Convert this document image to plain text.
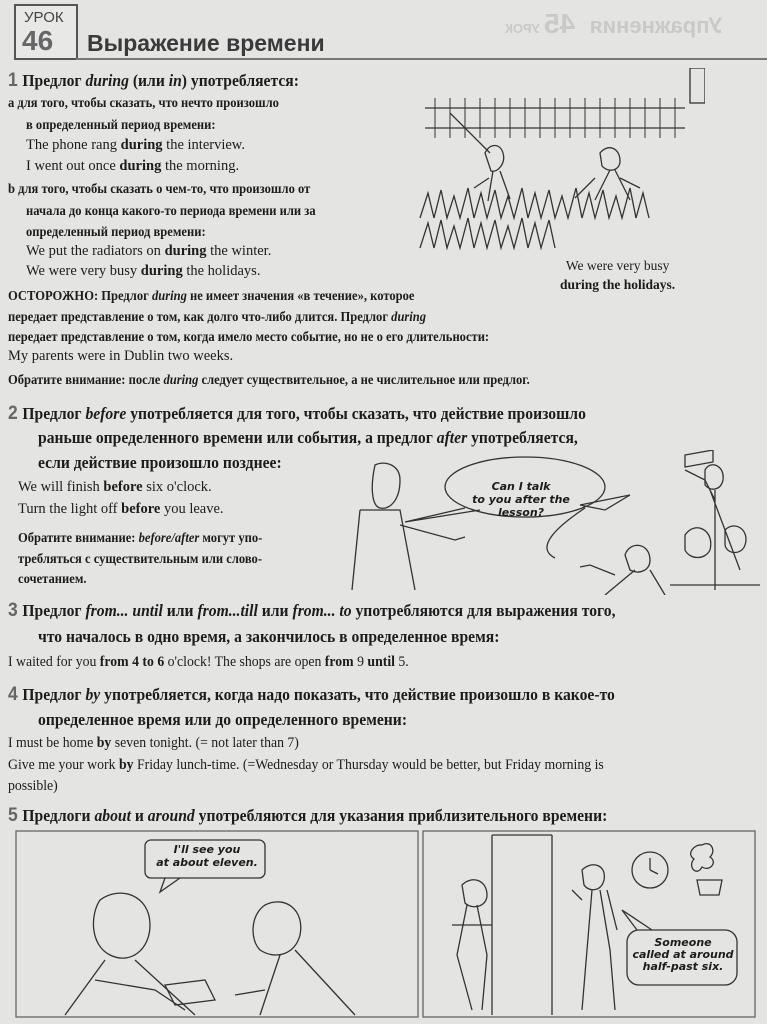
Упражнения 45 УРОК
УРОК
46 Выражение времени
1 Предлог during (или in) употребляется:
a для того, чтобы сказать, что нечто произошло
в определенный период времени:
The phone rang during the interview.
I went out once during the morning.
b для того, чтобы сказать о чем-то, что произошло от
начала до конца какого-то периода времени или за
определенный период времени:
We put the radiators on during the winter.
We were very busy during the holidays.	We were very busy
during the holidays.
ОСТОРОЖНО: Предлог during не имеет значения «в течение», которое
передает представление о том, как долго что-либо длится. Предлог during
передает представление о том, когда имело место событие, но не о его длительности:
My parents were in Dublin two weeks.
Обратите внимание: после during следует существительное, а не числительное или предлог.
2 Предлог before употребляется для того, чтобы сказать, что действие произошло
раньше определенного времени или события, а предлог after употребляется,
если действие произошло позднее:
We will finish before six o'clock.
Turn the light off before you leave.
Обратите внимание: before/after могут упо-
требляться с существительным или слово-
сочетанием.
Can I talk
to you after the
lesson?
3 Предлог from... until или from...till или from... to употребляются для выражения того,
что началось в одно время, а закончилось в определенное время:
I waited for you from 4 to 6 o'clock! The shops are open from 9 until 5.
4 Предлог by употребляется, когда надо показать, что действие произошло в какое-то
определенное время или до определенного времени:
I must be home by seven tonight. (= not later than 7)
Give me your work by Friday lunch-time. (=Wednesday or Thursday would be better, but Friday morning is
possible)
5 Предлоги about и around употребляются для указания приблизительного времени:
I'll see you
at about eleven.
Someone
called at around
half-past six.
